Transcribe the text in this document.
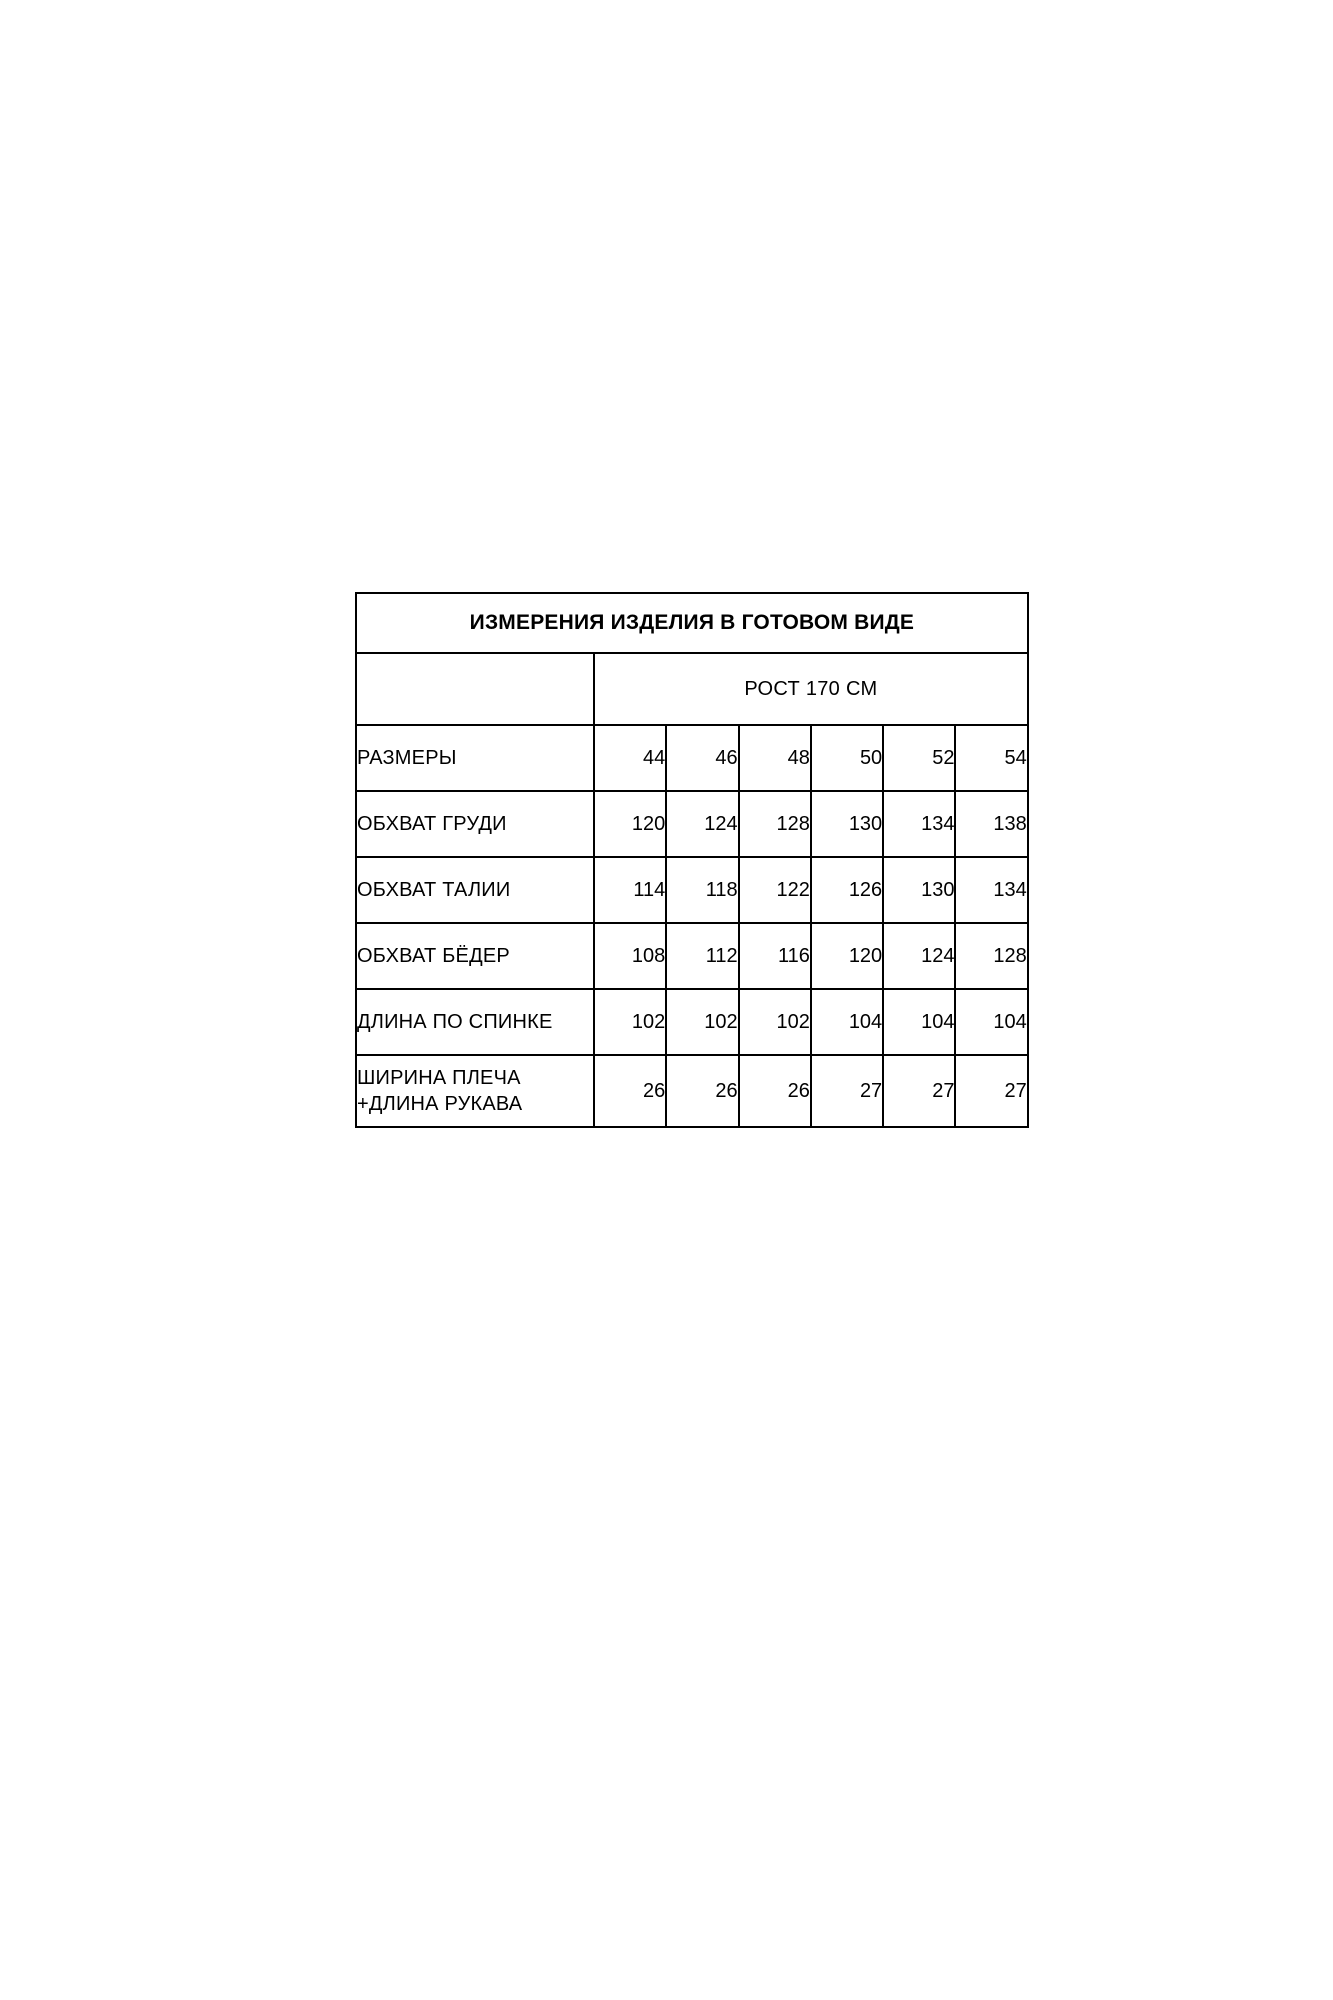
ИЗМЕРЕНИЯ ИЗДЕЛИЯ В ГОТОВОМ ВИДЕ						
	РОСТ 170 СМ					
РАЗМЕРЫ	44	46	48	50	52	54
ОБХВАТ ГРУДИ	120	124	128	130	134	138
ОБХВАТ ТАЛИИ	114	118	122	126	130	134
ОБХВАТ БЁДЕР	108	112	116	120	124	128
ДЛИНА ПО СПИНКЕ	102	102	102	104	104	104

ШИРИНА ПЛЕЧА
+ДЛИНА РУКАВА	26	26	26	27	27	27
